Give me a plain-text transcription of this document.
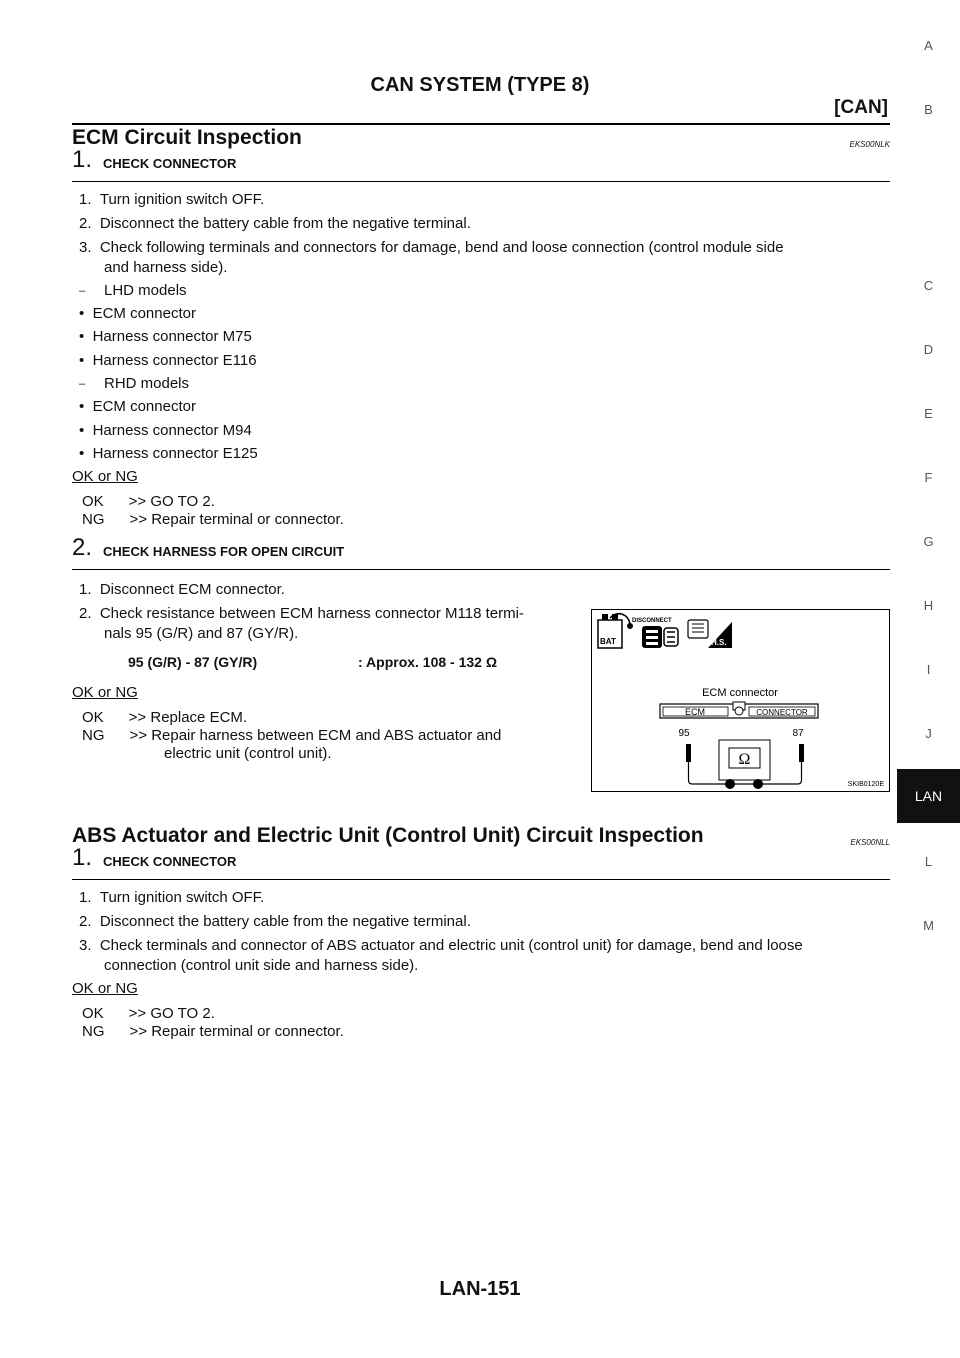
CAN SYSTEM (TYPE 8)
[CAN]
A
B
C
D
E
F
G
H
I
J
LAN
L
M
ECM Circuit Inspection	EKS00NLK
1. CHECK CONNECTOR
1.  Turn ignition switch OFF.
2.  Disconnect the battery cable from the negative terminal.
3.  Check following terminals and connectors for damage, bend and loose connection (control module side
and harness side).
– LHD models
•  ECM connector
•  Harness connector M75
•  Harness connector E116
– RHD models
•  ECM connector
•  Harness connector M94
•  Harness connector E125
OK or NG
OK      >> GO TO 2.
NG      >> Repair terminal or connector.
2. CHECK HARNESS FOR OPEN CIRCUIT
1.  Disconnect ECM connector.
2.  Check resistance between ECM harness connector M118 termi-
nals 95 (G/R) and 87 (GY/R).
95 (G/R) - 87 (GY/R)	: Approx. 108 - 132 Ω
OK or NG
OK      >> Replace ECM.
NG      >> Repair harness between ECM and ABS actuator and
electric unit (control unit).
BAT
DISCONNECT
H.S.
ECM connector
ECM	CONNECTOR
95	87
Ω
SKIB0120E
ABS Actuator and Electric Unit (Control Unit) Circuit Inspection	EKS00NLL
1. CHECK CONNECTOR
1.  Turn ignition switch OFF.
2.  Disconnect the battery cable from the negative terminal.
3.  Check terminals and connector of ABS actuator and electric unit (control unit) for damage, bend and loose
connection (control unit side and harness side).
OK or NG
OK      >> GO TO 2.
NG      >> Repair terminal or connector.
LAN-151
